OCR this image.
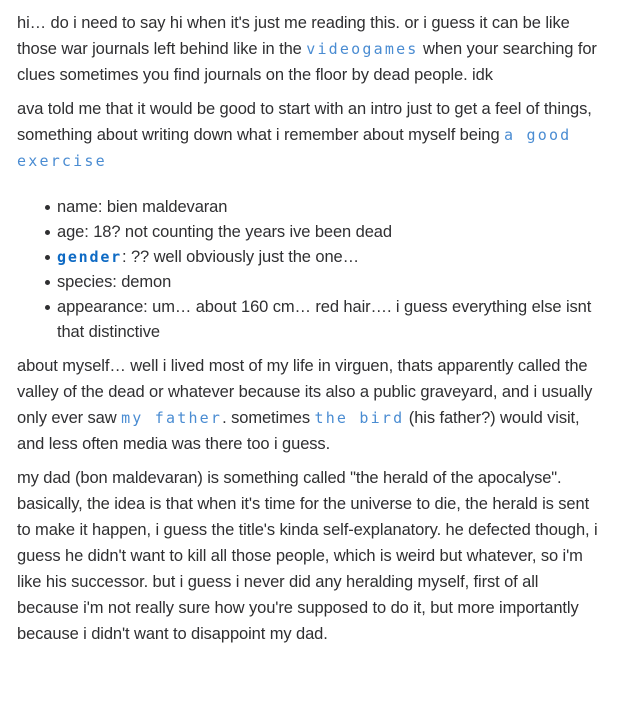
hi… do i need to say hi when it's just me reading this. or i guess it can be like those war journals left behind like in the videogames when your searching for clues sometimes you find journals on the floor by dead people. idk

ava told me that it would be good to start with an intro just to get a feel of things, something about writing down what i remember about myself being a good exercise

name: bien maldevaran
age: 18? not counting the years ive been dead
gender: ?? well obviously just the one…
species: demon
appearance: um… about 160 cm… red hair…. i guess everything else isnt that distinctive

about myself… well i lived most of my life in virguen, thats apparently called the valley of the dead or whatever because its also a public graveyard, and i usually only ever saw my father. sometimes the bird (his father?) would visit, and less often media was there too i guess.

my dad (bon maldevaran) is something called "the herald of the apocalyse". basically, the idea is that when it's time for the universe to die, the herald is sent to make it happen, i guess the title's kinda self-explanatory. he defected though, i guess he didn't want to kill all those people, which is weird but whatever, so i'm like his successor. but i guess i never did any heralding myself, first of all because i'm not really sure how you're supposed to do it, but more importantly because i didn't want to disappoint my dad.
